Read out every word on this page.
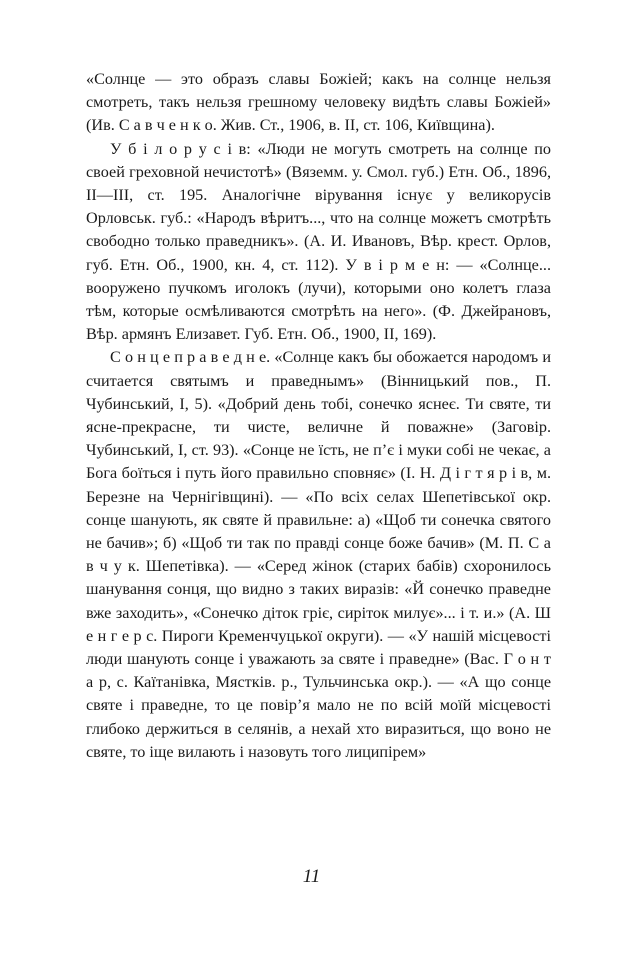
«Солнце — это образъ славы Божiей; какъ на солнце нельзя смотреть, такъ нельзя грешному человеку видѣть славы Божiей» (Ив. С а в ч е н к о. Жив. Ст., 1906, в. II, ст. 106, Київщина).

У б і л о р у с і в: «Люди не могуть смотреть на солнце по своей греховной нечистотѣ» (Вяземм. у. Смол. губ.) Етн. Об., 1896, II—III, ст. 195. Аналогічне вірування існує у великорусів Орловськ. губ.: «Народъ вѣритъ..., что на солнце можетъ смотрѣть свободно только праведникъ». (А. И. Ивановъ, Вѣр. крест. Орлов, губ. Етн. Об., 1900, кн. 4, ст. 112). У в і р м е н: — «Солнце... вооружено пучкомъ иголокъ (лучи), которыми оно колетъ глаза тѣм, которые осмѣливаются смотрѣть на него». (Ф. Джейрановъ, Вѣр. армянъ Елизавет. Губ. Етн. Об., 1900, II, 169).

С о н ц е п р а в е д н е. «Солнце какъ бы обожается народомъ и считается святымъ и праведнымъ» (Вінницький пов., П. Чубинський, I, 5). «Добрий день тобі, сонечко яснеє. Ти святе, ти ясне-прекрасне, ти чисте, величне й поважне» (Заговір. Чубинський, I, ст. 93). «Сонце не їсть, не п’є і муки собі не чекає, а Бога боїться і путь його правильно сповняє» (І. Н. Д і г т я р і в, м. Березне на Чернігівщині). — «По всіх селах Шепетівської окр. сонце шанують, як святе й правильне: а) «Щоб ти сонечка святого не бачив»; б) «Щоб ти так по правді сонце боже бачив» (М. П. С а в ч у к. Шепетівка). — «Серед жінок (старих бабів) схоронилось шанування сонця, що видно з таких виразів: «Й сонечко праведне вже заходить», «Сонечко діток гріє, сиріток милує»... і т. и.» (А. Ш е н г е р с. Пироги Кременчуцької округи). — «У нашій місцевості люди шанують сонце і уважають за святе і праведне» (Вас. Г о н т а р, с. Каїтанівка, Мястків. р., Тульчинська окр.). — «А що сонце святе і праведне, то це повір’я мало не по всій моїй місцевості глибоко держиться в селянів, а нехай хто виразиться, що воно не святе, то іще вилають і назовуть того лиципірем»

11
